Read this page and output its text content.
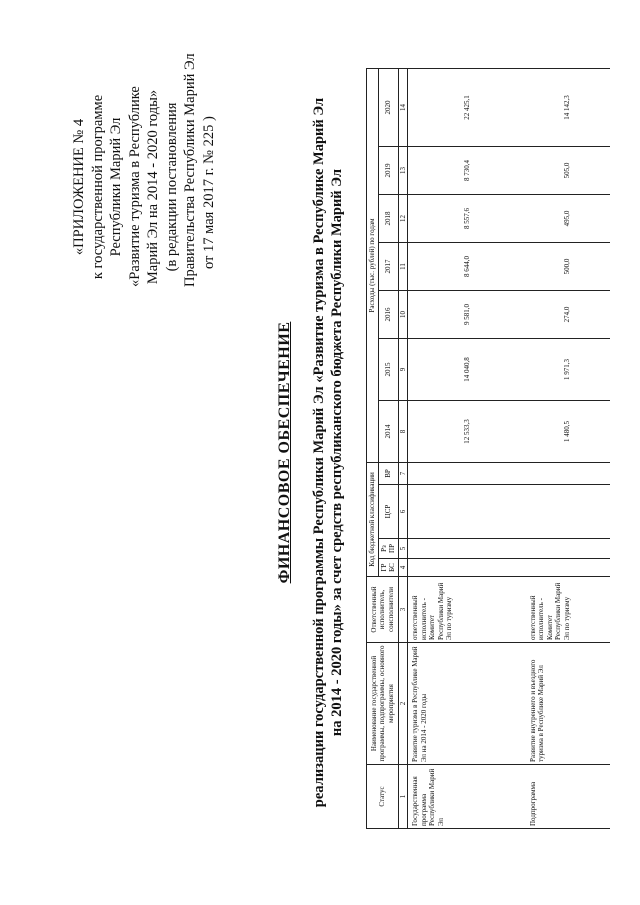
«ПРИЛОЖЕНИЕ № 4 к государственной программе Республики Марий Эл «Развитие туризма в Республике Марий Эл на 2014 - 2020 годы» (в редакции постановления Правительства Республики Марий Эл от 17 мая 2017 г. № 225 )
ФИНАНСОВОЕ ОБЕСПЕЧЕНИЕ реализации государственной программы Республики Марий Эл «Развитие туризма в Республике Марий Эл на 2014 - 2020 годы» за счет средств республиканского бюджета Республики Марий Эл
Статус	Наименование государственной программы, подпрограммы, основного мероприятия	Ответственный исполнитель, соисполнители	Код бюджетной классификации				Расходы (тыс. рублей) по годам						
			ГР БС	Рз ПР	ЦСР	ВР	2014	2015	2016	2017	2018	2019	2020
1	2	3	4	5	6	7	8	9	10	11	12	13	14
Государственная программа Республики Марий Эл	Развитие туризма в Республике Марий Эл на 2014 - 2020 годы	ответственный исполнитель - Комитет Республики Марий Эл по туризму					12 533,3	14 040,8	9 581,0	8 644,0	8 557,6	8 730,4	22 425,1
Подпрограмма	Развитие внутреннего и въездного туризма в Республике Марий Эл	ответственный исполнитель - Комитет Республики Марий Эл по туризму					1 480,5	1 971,3	274,0	500,0	495,0	505,0	14 142,3
